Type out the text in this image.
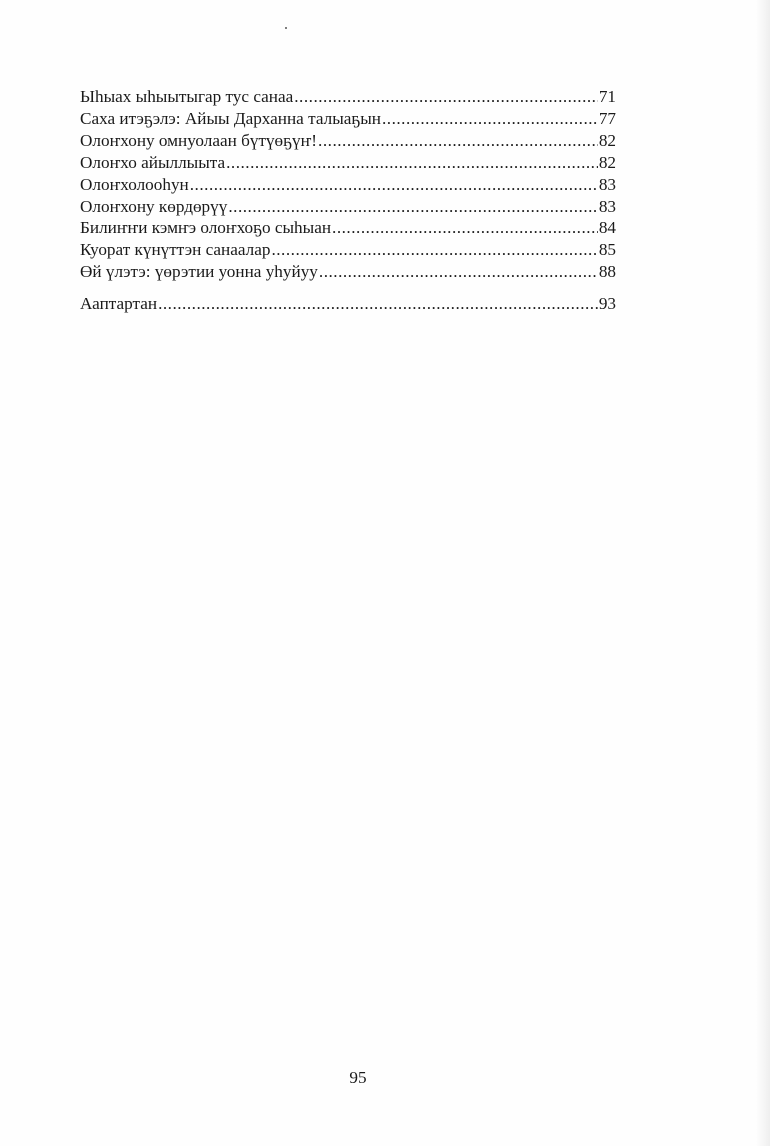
Ыһыах ыһыытыгар тус санаа .....	71
Саха итэҕэлэ: Айыы Дарханна талыаҕын .....	77
Олоҥхону омнуолаан бүтүөҕүҥ! .....	82
Олоҥхо айыллыыта .....	82
Олоҥхолооһун .....	83
Олоҥхону көрдөрүү .....	83
Билиҥҥи кэмҥэ олоҥхоҕо сыһыан .....	84
Куорат күнүттэн санаалар .....	85
Өй үлэтэ: үөрэтии уонна уһуйуу .....	88
Ааптартан .....	93
95
